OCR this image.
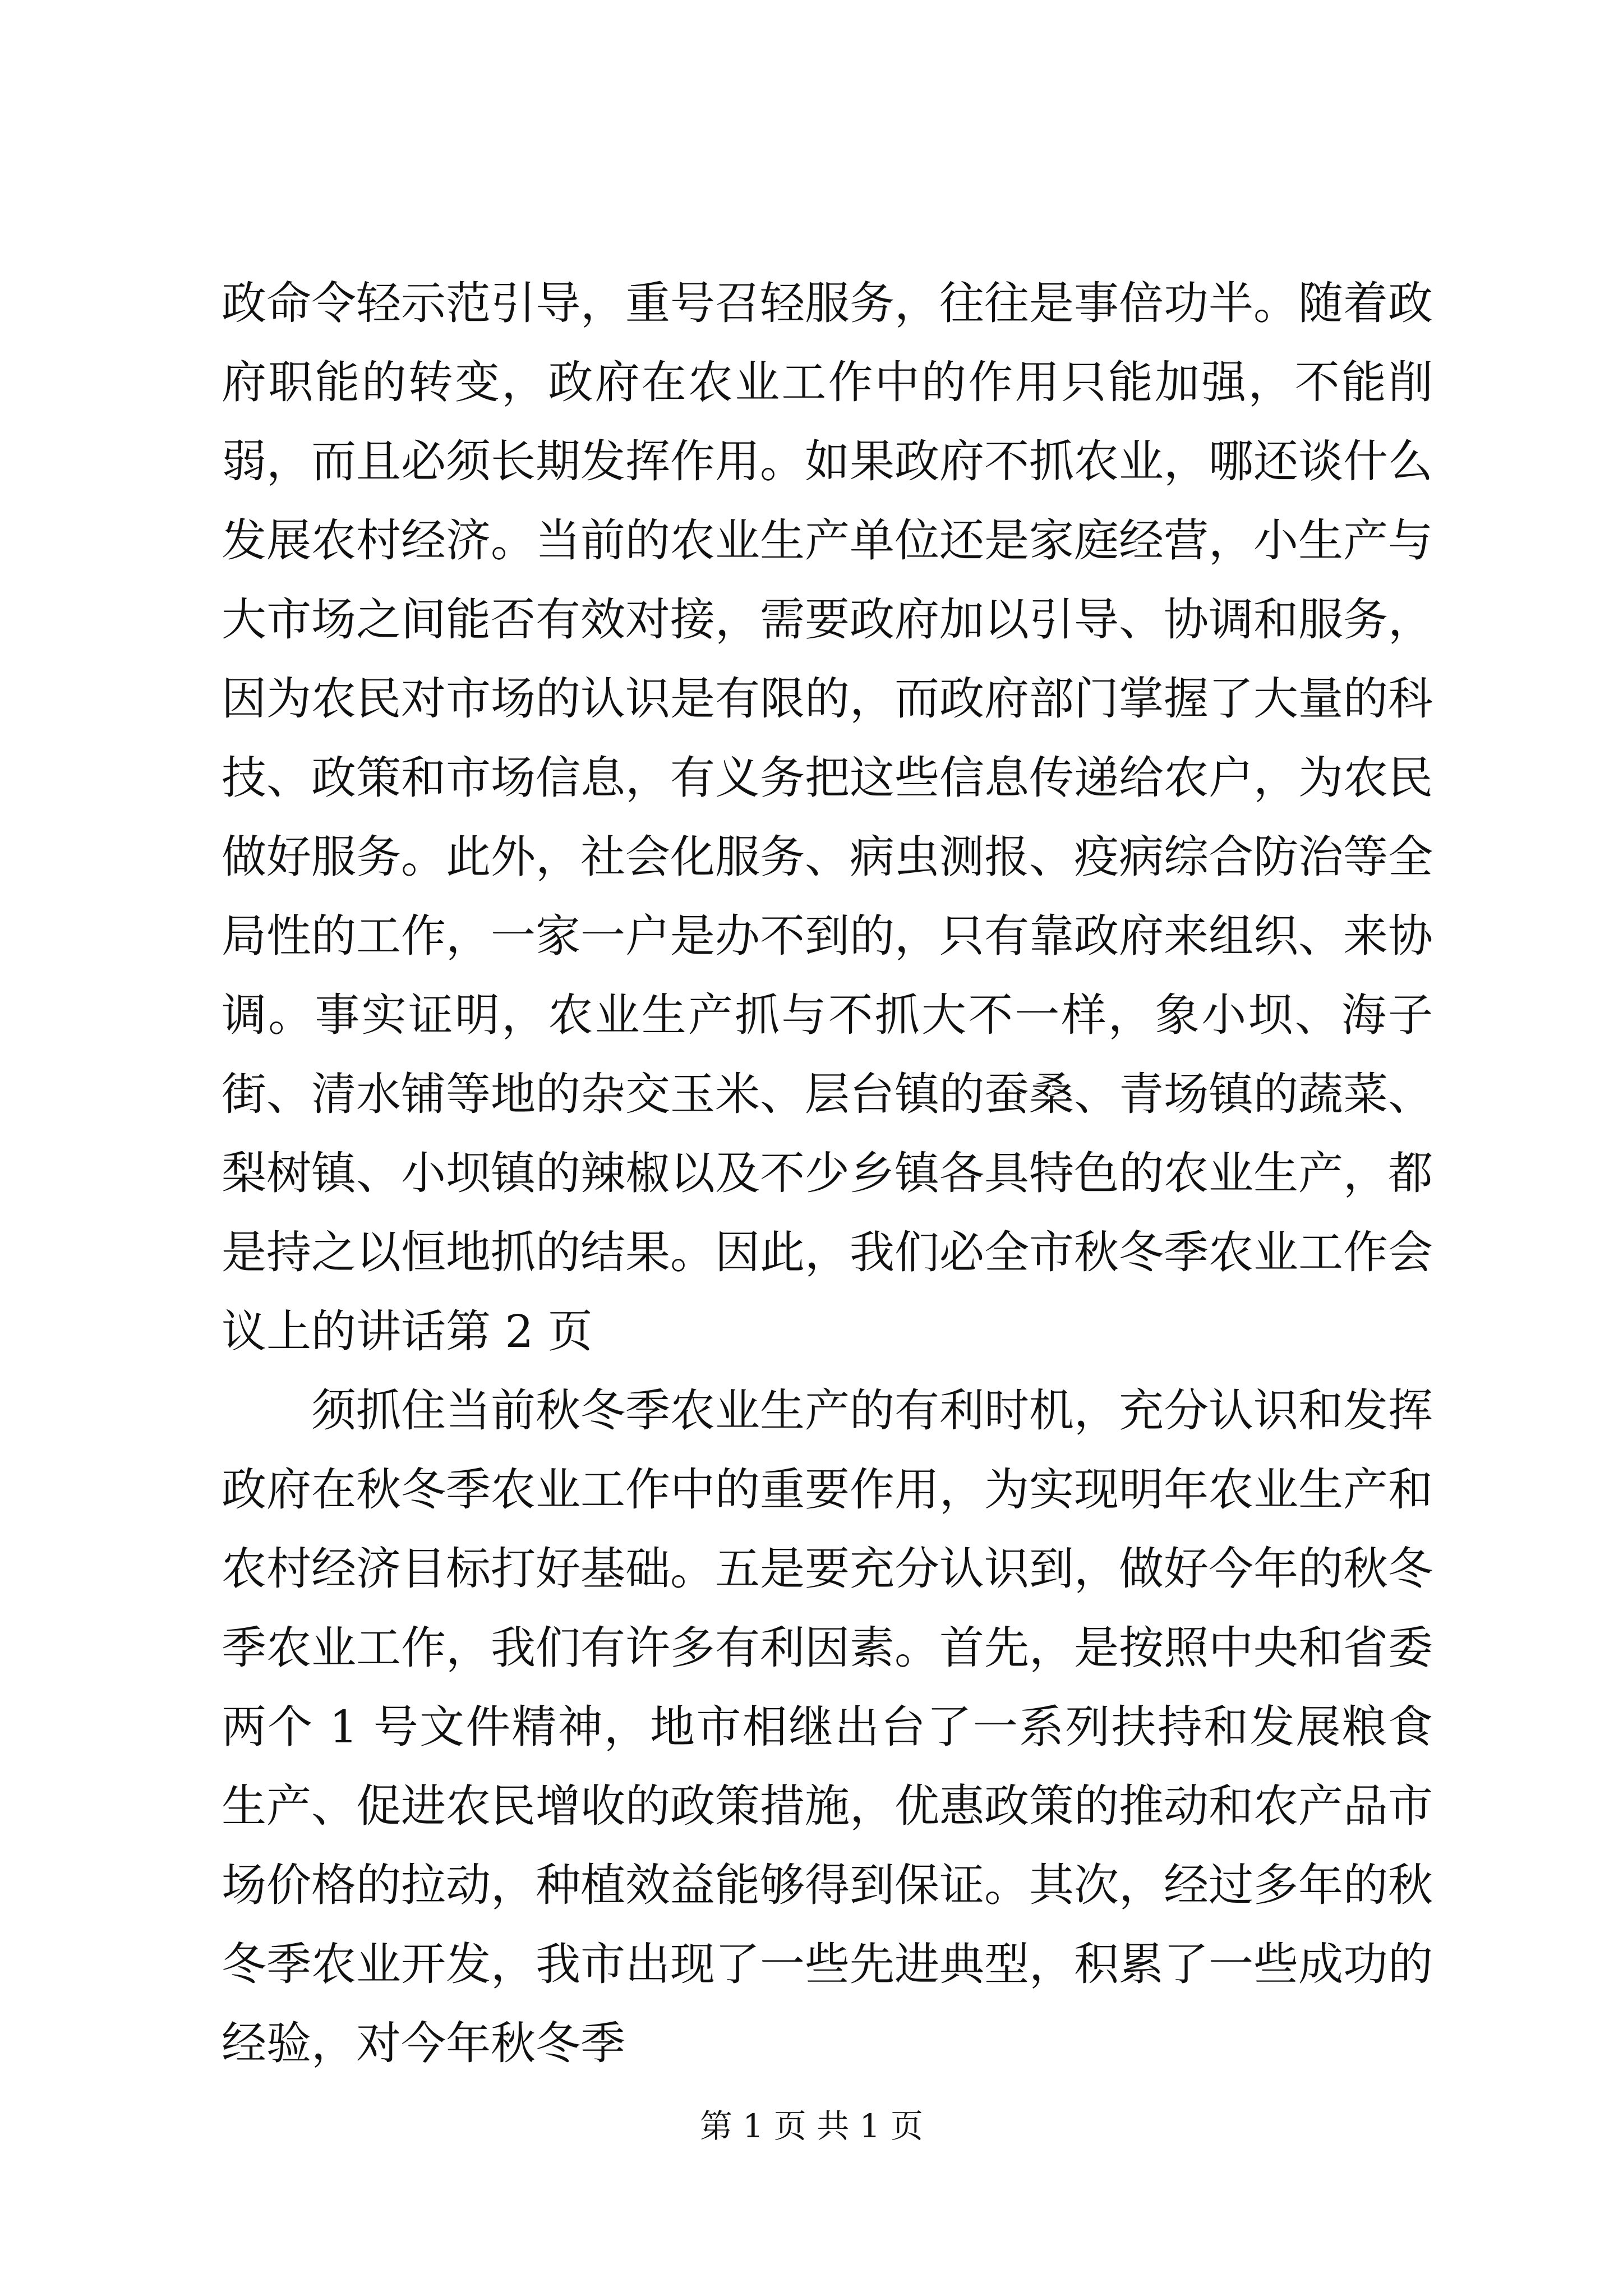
政命令轻示范引导，重号召轻服务，往往是事倍功半。随着政府职能的转变，政府在农业工作中的作用只能加强，不能削弱，而且必须长期发挥作用。如果政府不抓农业，哪还谈什么发展农村经济。当前的农业生产单位还是家庭经营，小生产与大市场之间能否有效对接，需要政府加以引导、协调和服务，因为农民对市场的认识是有限的，而政府部门掌握了大量的科技、政策和市场信息，有义务把这些信息传递给农户，为农民做好服务。此外，社会化服务、病虫测报、疫病综合防治等全局性的工作，一家一户是办不到的，只有靠政府来组织、来协调。事实证明，农业生产抓与不抓大不一样，象小坝、海子街、清水铺等地的杂交玉米、层台镇的蚕桑、青场镇的蔬菜、梨树镇、小坝镇的辣椒以及不少乡镇各具特色的农业生产，都是持之以恒地抓的结果。因此，我们必全市秋冬季农业工作会议上的讲话第 2 页

须抓住当前秋冬季农业生产的有利时机，充分认识和发挥政府在秋冬季农业工作中的重要作用，为实现明年农业生产和农村经济目标打好基础。五是要充分认识到，做好今年的秋冬季农业工作，我们有许多有利因素。首先，是按照中央和省委两个 1 号文件精神，地市相继出台了一系列扶持和发展粮食生产、促进农民增收的政策措施，优惠政策的推动和农产品市场价格的拉动，种植效益能够得到保证。其次，经过多年的秋冬季农业开发，我市出现了一些先进典型，积累了一些成功的经验，对今年秋冬季

第 1 页 共 1 页
